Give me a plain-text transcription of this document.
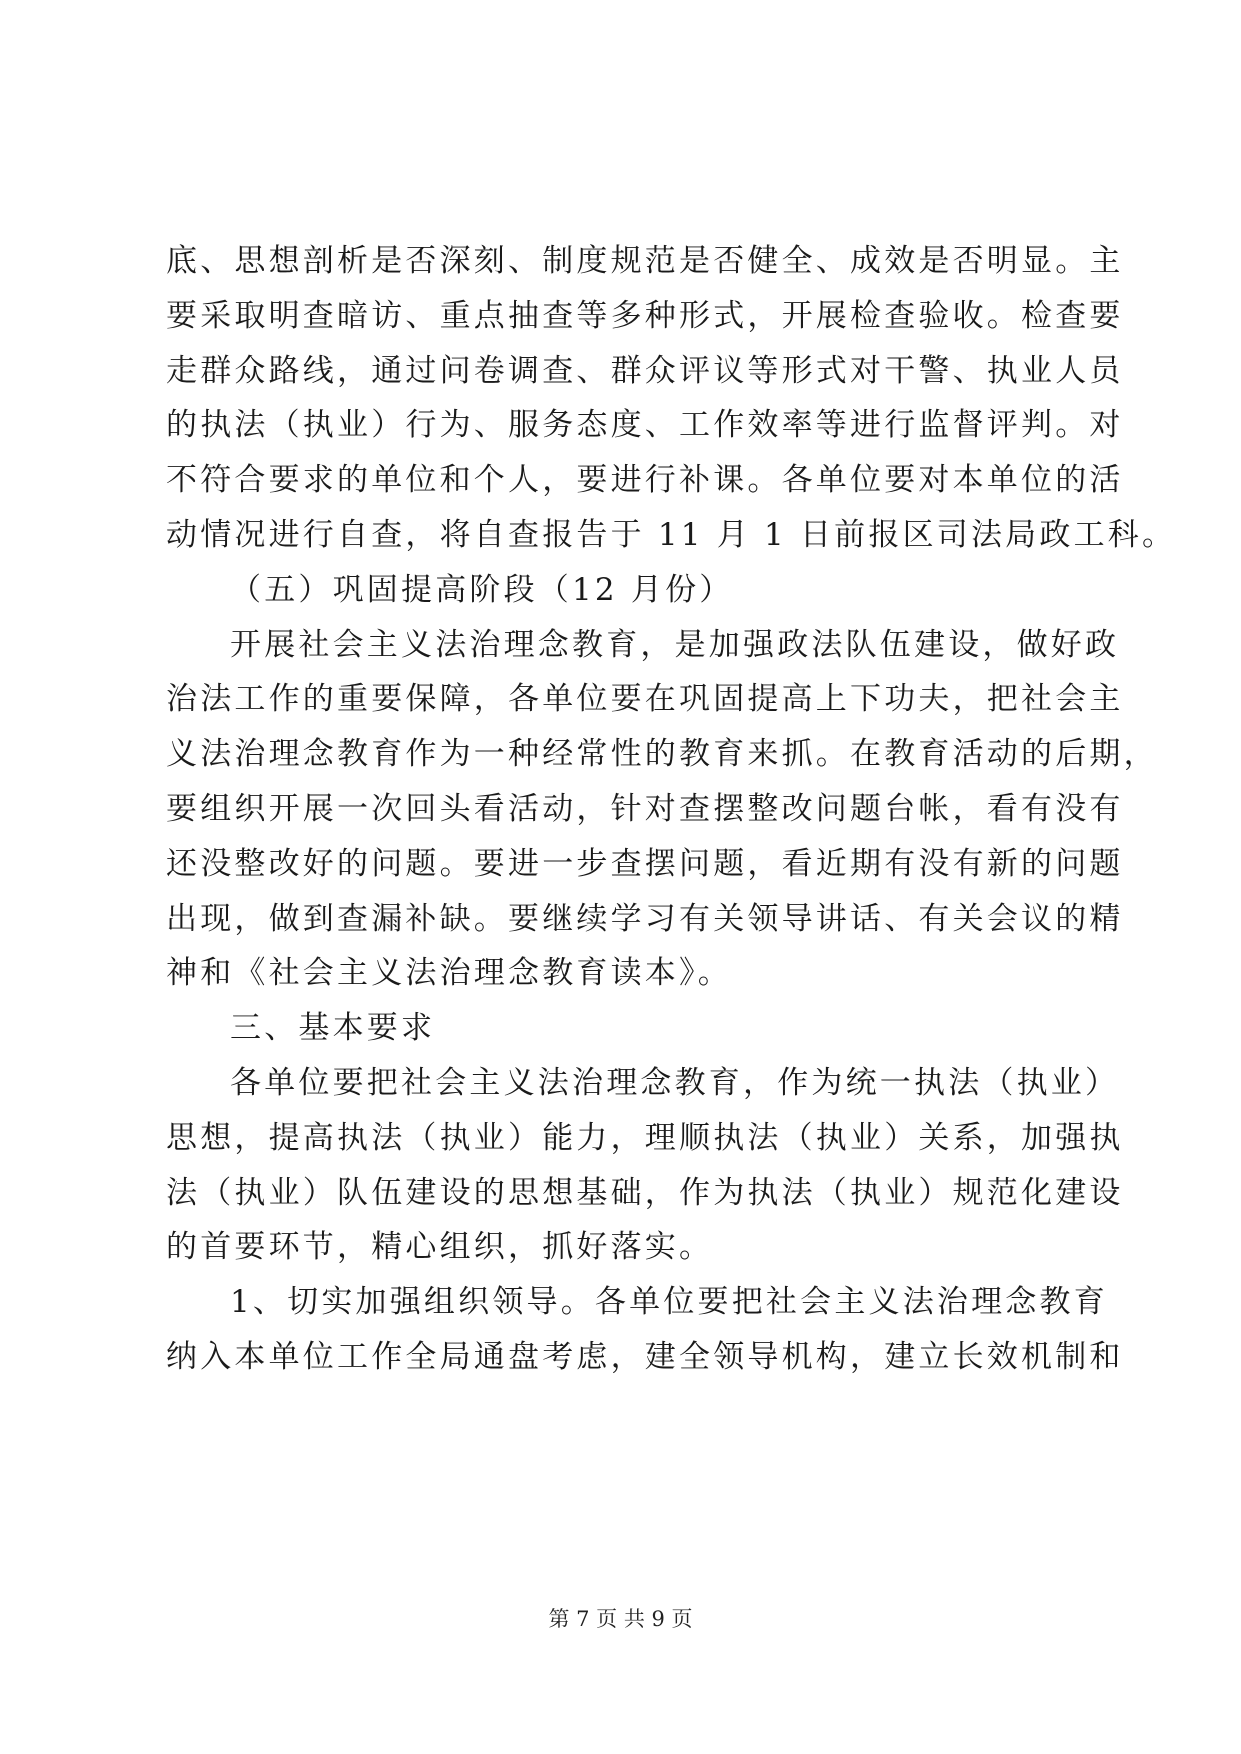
底、思想剖析是否深刻、制度规范是否健全、成效是否明显。主
要采取明查暗访、重点抽查等多种形式，开展检查验收。检查要
走群众路线，通过问卷调查、群众评议等形式对干警、执业人员
的执法（执业）行为、服务态度、工作效率等进行监督评判。对
不符合要求的单位和个人，要进行补课。各单位要对本单位的活
动情况进行自查，将自查报告于 11 月 1 日前报区司法局政工科。
（五）巩固提高阶段（12 月份）
开展社会主义法治理念教育，是加强政法队伍建设，做好政
治法工作的重要保障，各单位要在巩固提高上下功夫，把社会主
义法治理念教育作为一种经常性的教育来抓。在教育活动的后期，
要组织开展一次回头看活动，针对查摆整改问题台帐，看有没有
还没整改好的问题。要进一步查摆问题，看近期有没有新的问题
出现，做到查漏补缺。要继续学习有关领导讲话、有关会议的精
神和《社会主义法治理念教育读本》。
三、基本要求
各单位要把社会主义法治理念教育，作为统一执法（执业）
思想，提高执法（执业）能力，理顺执法（执业）关系，加强执
法（执业）队伍建设的思想基础，作为执法（执业）规范化建设
的首要环节，精心组织，抓好落实。
1、切实加强组织领导。各单位要把社会主义法治理念教育
纳入本单位工作全局通盘考虑，建全领导机构，建立长效机制和
第 7 页 共 9 页
